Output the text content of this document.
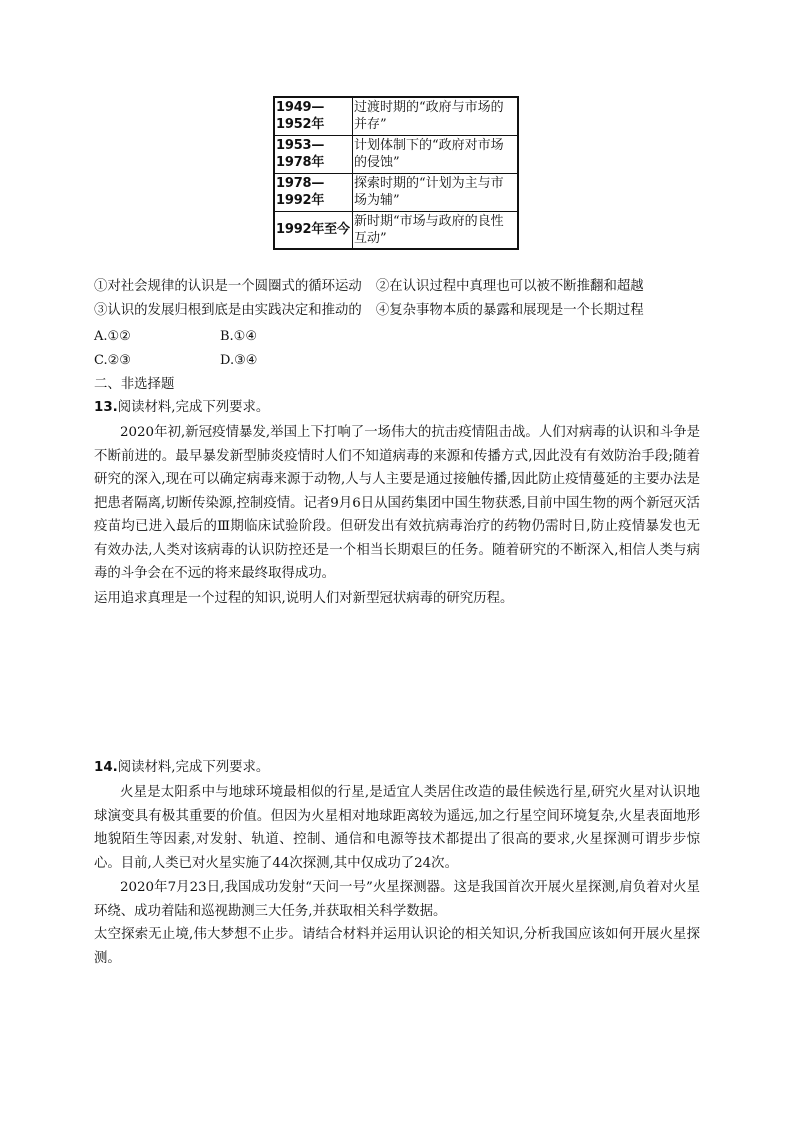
1949—1952年	过渡时期的“政府与市场的并存”
1953—1978年	计划体制下的“政府对市场的侵蚀”
1978—1992年	探索时期的“计划为主与市场为辅”
1992年至今	新时期“市场与政府的良性互动”
①对社会规律的认识是一个圆圈式的循环运动 ②在认识过程中真理也可以被不断推翻和超越
③认识的发展归根到底是由实践决定和推动的 ④复杂事物本质的暴露和展现是一个长期过程
A.①②	B.①④
C.②③	D.③④
二、非选择题
13.阅读材料,完成下列要求。
2020年初,新冠疫情暴发,举国上下打响了一场伟大的抗击疫情阻击战。人们对病毒的认识和斗争是不断前进的。最早暴发新型肺炎疫情时人们不知道病毒的来源和传播方式,因此没有有效防治手段;随着研究的深入,现在可以确定病毒来源于动物,人与人主要是通过接触传播,因此防止疫情蔓延的主要办法是把患者隔离,切断传染源,控制疫情。记者9月6日从国药集团中国生物获悉,目前中国生物的两个新冠灭活疫苗均已进入最后的Ⅲ期临床试验阶段。但研发出有效抗病毒治疗的药物仍需时日,防止疫情暴发也无有效办法,人类对该病毒的认识防控还是一个相当长期艰巨的任务。随着研究的不断深入,相信人类与病毒的斗争会在不远的将来最终取得成功。
运用追求真理是一个过程的知识,说明人们对新型冠状病毒的研究历程。
14.阅读材料,完成下列要求。
火星是太阳系中与地球环境最相似的行星,是适宜人类居住改造的最佳候选行星,研究火星对认识地球演变具有极其重要的价值。但因为火星相对地球距离较为遥远,加之行星空间环境复杂,火星表面地形地貌陌生等因素,对发射、轨道、控制、通信和电源等技术都提出了很高的要求,火星探测可谓步步惊心。目前,人类已对火星实施了44次探测,其中仅成功了24次。
2020年7月23日,我国成功发射“天问一号”火星探测器。这是我国首次开展火星探测,肩负着对火星环绕、成功着陆和巡视勘测三大任务,并获取相关科学数据。
太空探索无止境,伟大梦想不止步。请结合材料并运用认识论的相关知识,分析我国应该如何开展火星探测。
